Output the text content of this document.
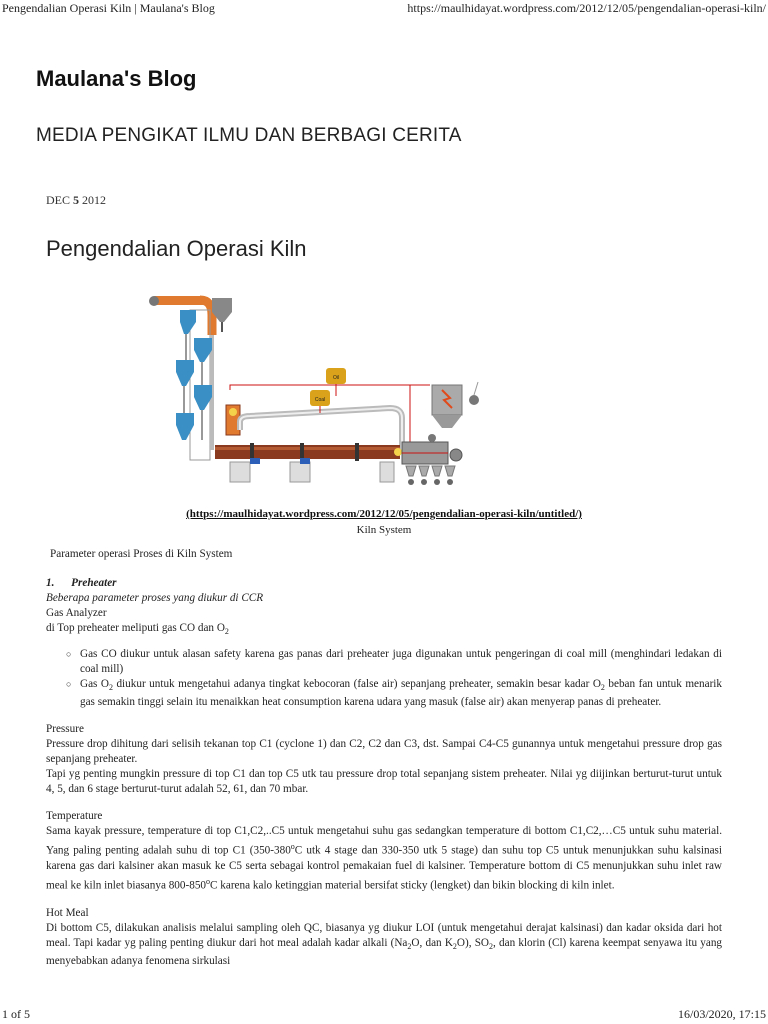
Pengendalian Operasi Kiln | Maulana's Blog	https://maulhidayat.wordpress.com/2012/12/05/pengendalian-operasi-kiln/
Maulana's Blog
MEDIA PENGIKAT ILMU DAN BERBAGI CERITA
DEC 5 2012
Pengendalian Operasi Kiln
Oil
Coal
(https://maulhidayat.wordpress.com/2012/12/05/pengendalian-operasi-kiln/untitled/)
Kiln System

Parameter operasi Proses di Kiln System

1. Preheater

Beberapa parameter proses yang diukur di CCR

Gas Analyzer

di Top preheater meliputi gas CO dan $O_2$

○ Gas CO diukur untuk alasan safety karena gas panas dari preheater juga digunakan untuk pengeringan di coal mill (menghindari ledakan di coal mill)
○ Gas $O_2$ diukur untuk mengetahui adanya tingkat kebocoran (false air) sepanjang preheater, semakin besar kadar $O_2$ beban fan untuk menarik gas semakin tinggi selain itu menaikkan heat consumption karena udara yang masuk (false air) akan menyerap panas di preheater.

Pressure

Pressure drop dihitung dari selisih tekanan top C1 (cyclone 1) dan C2, C2 dan C3, dst. Sampai C4-C5 gunannya untuk mengetahui pressure drop gas sepanjang preheater.

Tapi yg penting mungkin pressure di top C1 dan top C5 utk tau pressure drop total sepanjang sistem preheater. Nilai yg diijinkan berturut-turut untuk 4, 5, dan 6 stage berturut-turut adalah 52, 61, dan 70 mbar.

Temperature

Sama kayak pressure, temperature di top C1,C2,..C5 untuk mengetahui suhu gas sedangkan temperature di bottom C1,C2,…C5 untuk suhu material. Yang paling penting adalah suhu di top C1 (350-380$^o$C utk 4 stage dan 330-350 utk 5 stage) dan suhu top C5 untuk menunjukkan suhu kalsinasi karena gas dari kalsiner akan masuk ke C5 serta sebagai kontrol pemakaian fuel di kalsiner. Temperature bottom di C5 menunjukkan suhu inlet raw meal ke kiln inlet biasanya 800-850$^o$C karena kalo ketinggian material bersifat sticky (lengket) dan bikin blocking di kiln inlet.

Hot Meal

Di bottom C5, dilakukan analisis melalui sampling oleh QC, biasanya yg diukur LOI (untuk mengetahui derajat kalsinasi) dan kadar oksida dari hot meal. Tapi kadar yg paling penting diukur dari hot meal adalah kadar alkali ($Na_2O$, dan $K_2O$), $SO_2$, dan klorin (Cl) karena keempat senyawa itu yang menyebabkan adanya fenomena sirkulasi

1 of 5	16/03/2020, 17:15
